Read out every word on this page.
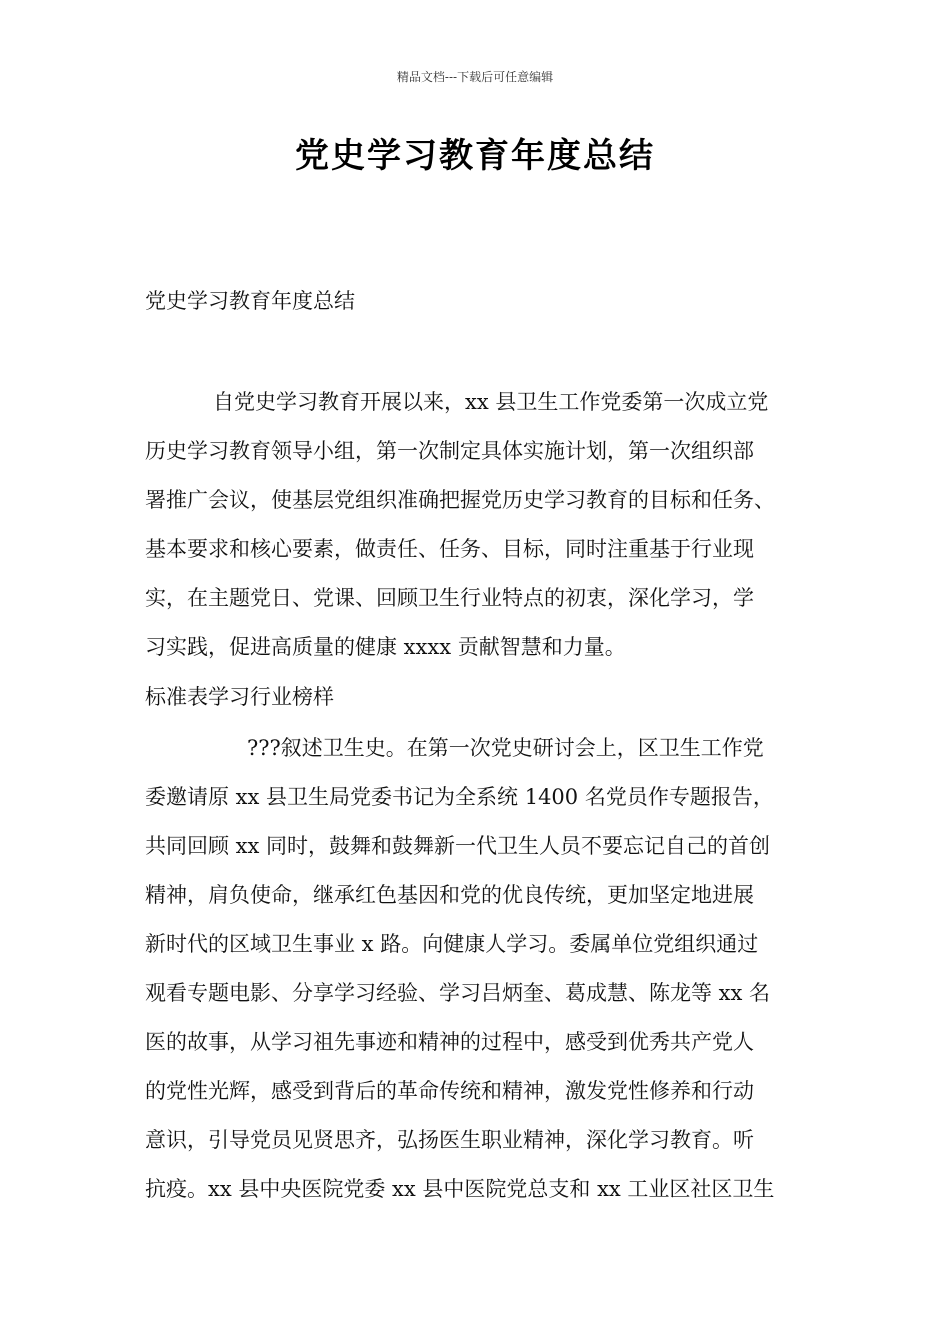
精品文档---下载后可任意编辑
党史学习教育年度总结
党史学习教育年度总结
自党史学习教育开展以来，xx 县卫生工作党委第一次成立党
历史学习教育领导小组，第一次制定具体实施计划，第一次组织部
署推广会议，使基层党组织准确把握党历史学习教育的目标和任务、
基本要求和核心要素，做责任、任务、目标，同时注重基于行业现
实，在主题党日、党课、回顾卫生行业特点的初衷，深化学习，学
习实践，促进高质量的健康 xxxx 贡献智慧和力量。
标准表学习行业榜样
???叙述卫生史。在第一次党史研讨会上，区卫生工作党
委邀请原 xx 县卫生局党委书记为全系统 1400 名党员作专题报告，
共同回顾 xx 同时，鼓舞和鼓舞新一代卫生人员不要忘记自己的首创
精神，肩负使命，继承红色基因和党的优良传统，更加坚定地进展
新时代的区域卫生事业 x 路。向健康人学习。委属单位党组织通过
观看专题电影、分享学习经验、学习吕炳奎、葛成慧、陈龙等 xx 名
医的故事，从学习祖先事迹和精神的过程中，感受到优秀共产党人
的党性光辉，感受到背后的革命传统和精神，激发党性修养和行动
意识，引导党员见贤思齐，弘扬医生职业精神，深化学习教育。听
抗疫。xx 县中央医院党委 xx 县中医院党总支和 xx 工业区社区卫生
